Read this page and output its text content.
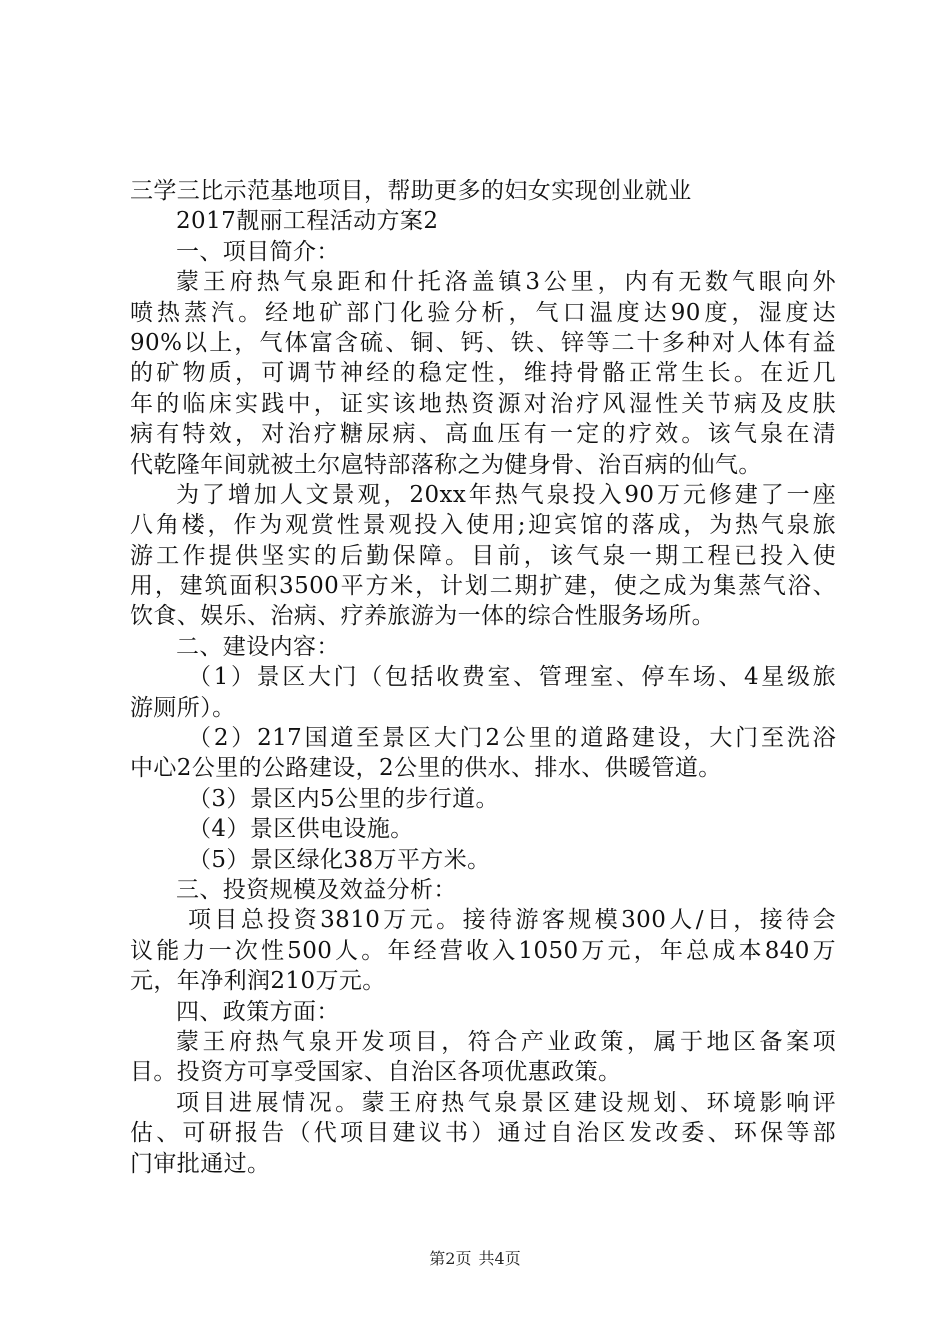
三学三比示范基地项目，帮助更多的妇女实现创业就业
2017靓丽工程活动方案2
一、项目简介：
蒙王府热气泉距和什托洛盖镇3公里，内有无数气眼向外
喷热蒸汽。经地矿部门化验分析，气口温度达90度，湿度达
90%以上，气体富含硫、铜、钙、铁、锌等二十多种对人体有益
的矿物质，可调节神经的稳定性，维持骨骼正常生长。在近几
年的临床实践中，证实该地热资源对治疗风湿性关节病及皮肤
病有特效，对治疗糖尿病、高血压有一定的疗效。该气泉在清
代乾隆年间就被土尔扈特部落称之为健身骨、治百病的仙气。
为了增加人文景观，20xx年热气泉投入90万元修建了一座
八角楼，作为观赏性景观投入使用;迎宾馆的落成，为热气泉旅
游工作提供坚实的后勤保障。目前，该气泉一期工程已投入使
用，建筑面积3500平方米，计划二期扩建，使之成为集蒸气浴、
饮食、娱乐、治病、疗养旅游为一体的综合性服务场所。
二、建设内容：
（1）景区大门（包括收费室、管理室、停车场、4星级旅
游厕所）。
（2）217国道至景区大门2公里的道路建设，大门至洗浴
中心2公里的公路建设，2公里的供水、排水、供暖管道。
（3）景区内5公里的步行道。
（4）景区供电设施。
（5）景区绿化38万平方米。
三、投资规模及效益分析：
项目总投资3810万元。接待游客规模300人/日，接待会
议能力一次性500人。年经营收入1050万元，年总成本840万
元，年净利润210万元。
四、政策方面：
蒙王府热气泉开发项目，符合产业政策，属于地区备案项
目。投资方可享受国家、自治区各项优惠政策。
项目进展情况。蒙王府热气泉景区建设规划、环境影响评
估、可研报告（代项目建议书）通过自治区发改委、环保等部
门审批通过。
第2页 共4页
